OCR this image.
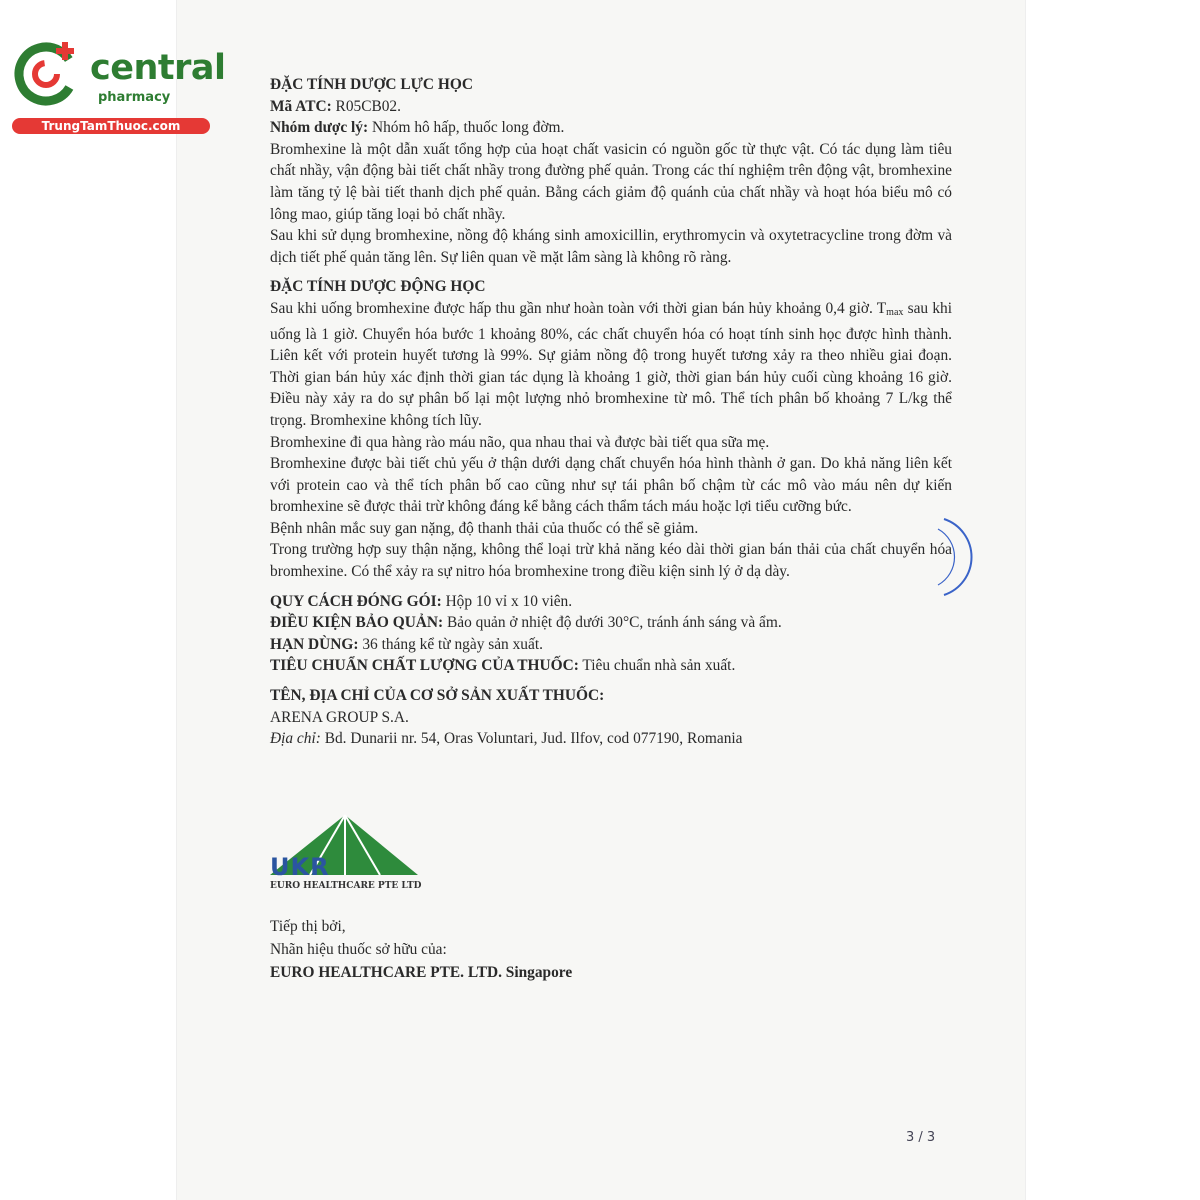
central
pharmacy
TrungTamThuoc.com

ĐẶC TÍNH DƯỢC LỰC HỌC

Mã ATC: R05CB02.

Nhóm dược lý: Nhóm hô hấp, thuốc long đờm.

Bromhexine là một dẫn xuất tổng hợp của hoạt chất vasicin có nguồn gốc từ thực vật. Có tác dụng làm tiêu chất nhầy, vận động bài tiết chất nhầy trong đường phế quản. Trong các thí nghiệm trên động vật, bromhexine làm tăng tỷ lệ bài tiết thanh dịch phế quản. Bằng cách giảm độ quánh của chất nhầy và hoạt hóa biểu mô có lông mao, giúp tăng loại bỏ chất nhầy.

Sau khi sử dụng bromhexine, nồng độ kháng sinh amoxicillin, erythromycin và oxytetracycline trong đờm và dịch tiết phế quản tăng lên. Sự liên quan về mặt lâm sàng là không rõ ràng.

ĐẶC TÍNH DƯỢC ĐỘNG HỌC

Sau khi uống bromhexine được hấp thu gần như hoàn toàn với thời gian bán hủy khoảng 0,4 giờ. $T_{max}$ sau khi uống là 1 giờ. Chuyển hóa bước 1 khoảng 80%, các chất chuyển hóa có hoạt tính sinh học được hình thành. Liên kết với protein huyết tương là 99%. Sự giảm nồng độ trong huyết tương xảy ra theo nhiều giai đoạn. Thời gian bán hủy xác định thời gian tác dụng là khoảng 1 giờ, thời gian bán hủy cuối cùng khoảng 16 giờ. Điều này xảy ra do sự phân bố lại một lượng nhỏ bromhexine từ mô. Thể tích phân bố khoảng 7 L/kg thể trọng. Bromhexine không tích lũy.

Bromhexine đi qua hàng rào máu não, qua nhau thai và được bài tiết qua sữa mẹ.

Bromhexine được bài tiết chủ yếu ở thận dưới dạng chất chuyển hóa hình thành ở gan. Do khả năng liên kết với protein cao và thể tích phân bố cao cũng như sự tái phân bố chậm từ các mô vào máu nên dự kiến bromhexine sẽ được thải trừ không đáng kể bằng cách thẩm tách máu hoặc lợi tiểu cưỡng bức.

Bệnh nhân mắc suy gan nặng, độ thanh thải của thuốc có thể sẽ giảm.

Trong trường hợp suy thận nặng, không thể loại trừ khả năng kéo dài thời gian bán thải của chất chuyển hóa bromhexine. Có thể xảy ra sự nitro hóa bromhexine trong điều kiện sinh lý ở dạ dày.

QUY CÁCH ĐÓNG GÓI: Hộp 10 vỉ x 10 viên.

ĐIỀU KIỆN BẢO QUẢN: Bảo quản ở nhiệt độ dưới 30°C, tránh ánh sáng và ẩm.

HẠN DÙNG: 36 tháng kể từ ngày sản xuất.

TIÊU CHUẨN CHẤT LƯỢNG CỦA THUỐC: Tiêu chuẩn nhà sản xuất.

TÊN, ĐỊA CHỈ CỦA CƠ SỞ SẢN XUẤT THUỐC:

ARENA GROUP S.A.

Địa chỉ: Bd. Dunarii nr. 54, Oras Voluntari, Jud. Ilfov, cod 077190, Romania

UKR
EURO HEALTHCARE PTE LTD
Tiếp thị bởi,
Nhãn hiệu thuốc sở hữu của:
EURO HEALTHCARE PTE. LTD. Singapore
3 / 3
